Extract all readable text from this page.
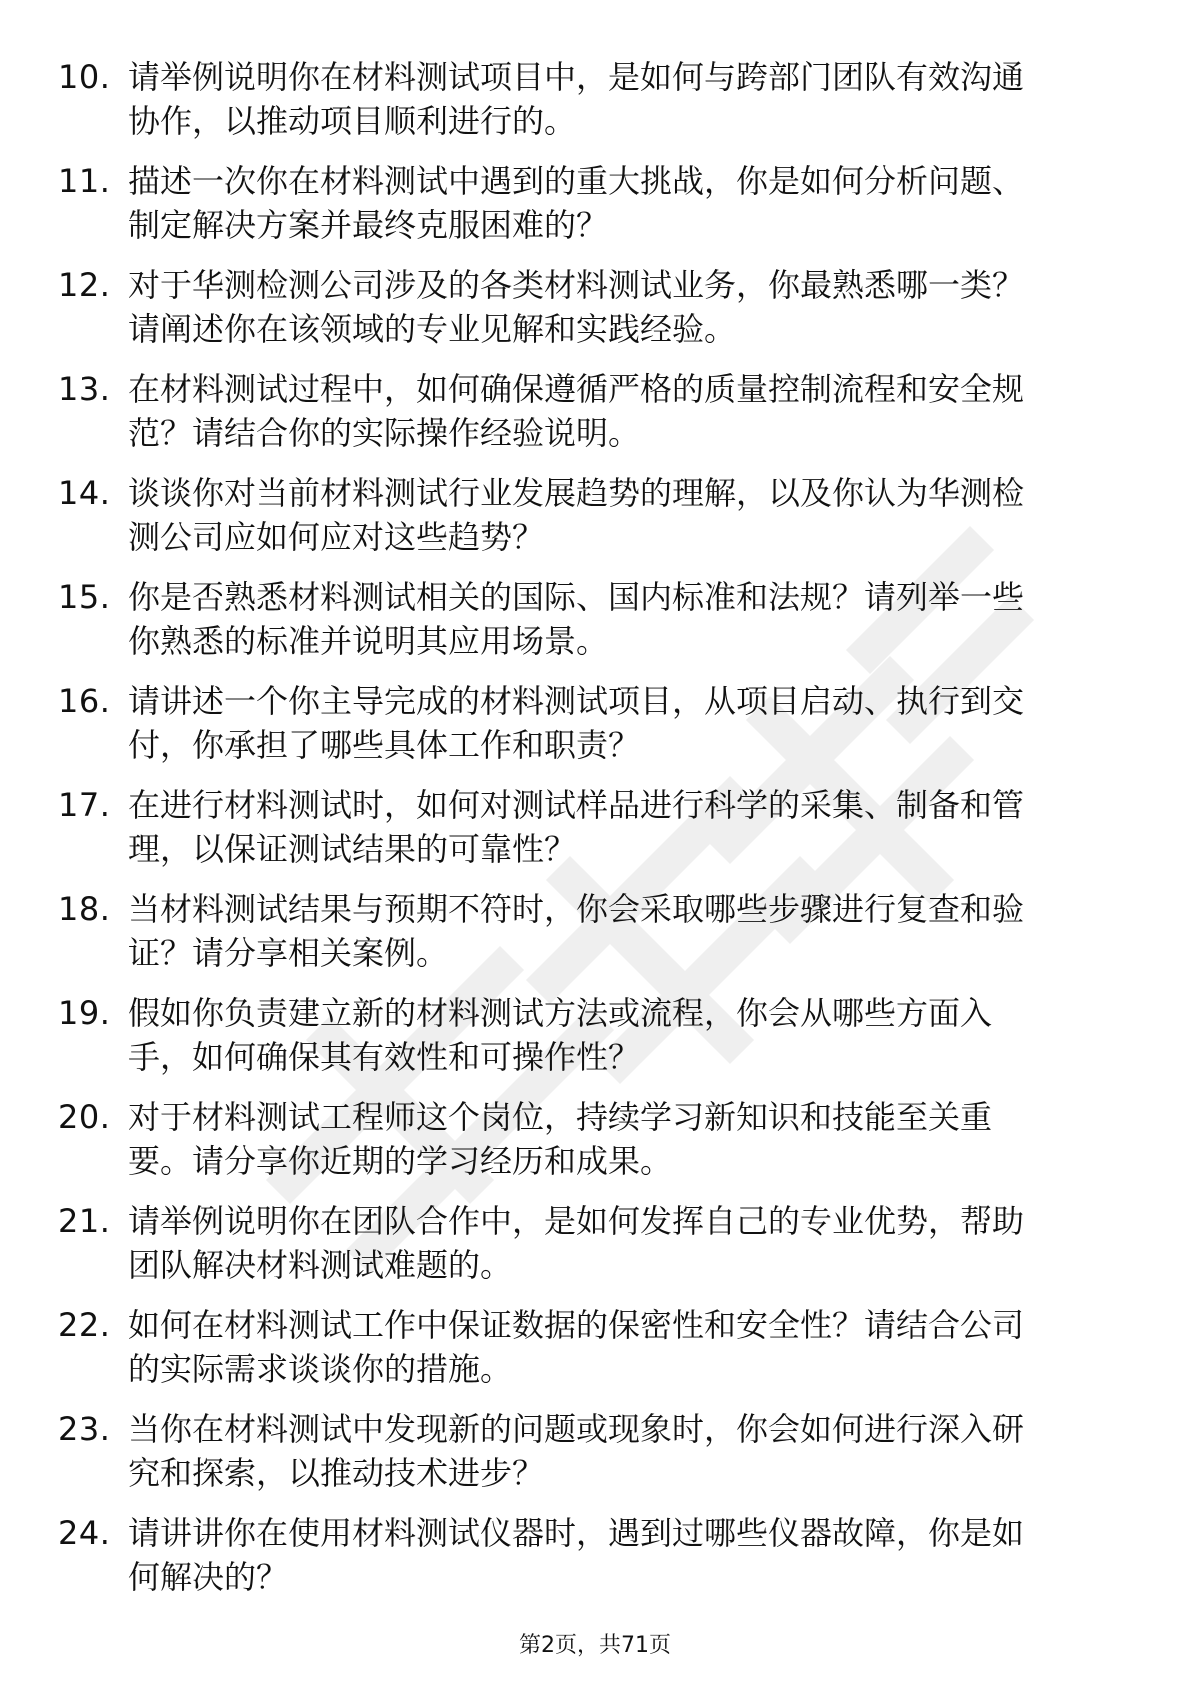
10. 请举例说明你在材料测试项目中，是如何与跨部门团队有效沟通
协作，以推动项目顺利进行的。
11. 描述一次你在材料测试中遇到的重大挑战，你是如何分析问题、
制定解决方案并最终克服困难的？
12. 对于华测检测公司涉及的各类材料测试业务，你最熟悉哪一类？
请阐述你在该领域的专业见解和实践经验。
13. 在材料测试过程中，如何确保遵循严格的质量控制流程和安全规
范？请结合你的实际操作经验说明。
14. 谈谈你对当前材料测试行业发展趋势的理解，以及你认为华测检
测公司应如何应对这些趋势？
15. 你是否熟悉材料测试相关的国际、国内标准和法规？请列举一些
你熟悉的标准并说明其应用场景。
16. 请讲述一个你主导完成的材料测试项目，从项目启动、执行到交
付，你承担了哪些具体工作和职责？
17. 在进行材料测试时，如何对测试样品进行科学的采集、制备和管
理，以保证测试结果的可靠性？
18. 当材料测试结果与预期不符时，你会采取哪些步骤进行复查和验
证？请分享相关案例。
19. 假如你负责建立新的材料测试方法或流程，你会从哪些方面入
手，如何确保其有效性和可操作性？
20. 对于材料测试工程师这个岗位，持续学习新知识和技能至关重
要。请分享你近期的学习经历和成果。
21. 请举例说明你在团队合作中，是如何发挥自己的专业优势，帮助
团队解决材料测试难题的。
22. 如何在材料测试工作中保证数据的保密性和安全性？请结合公司
的实际需求谈谈你的措施。
23. 当你在材料测试中发现新的问题或现象时，你会如何进行深入研
究和探索，以推动技术进步？
24. 请讲讲你在使用材料测试仪器时，遇到过哪些仪器故障，你是如
何解决的？
第2页，共71页
